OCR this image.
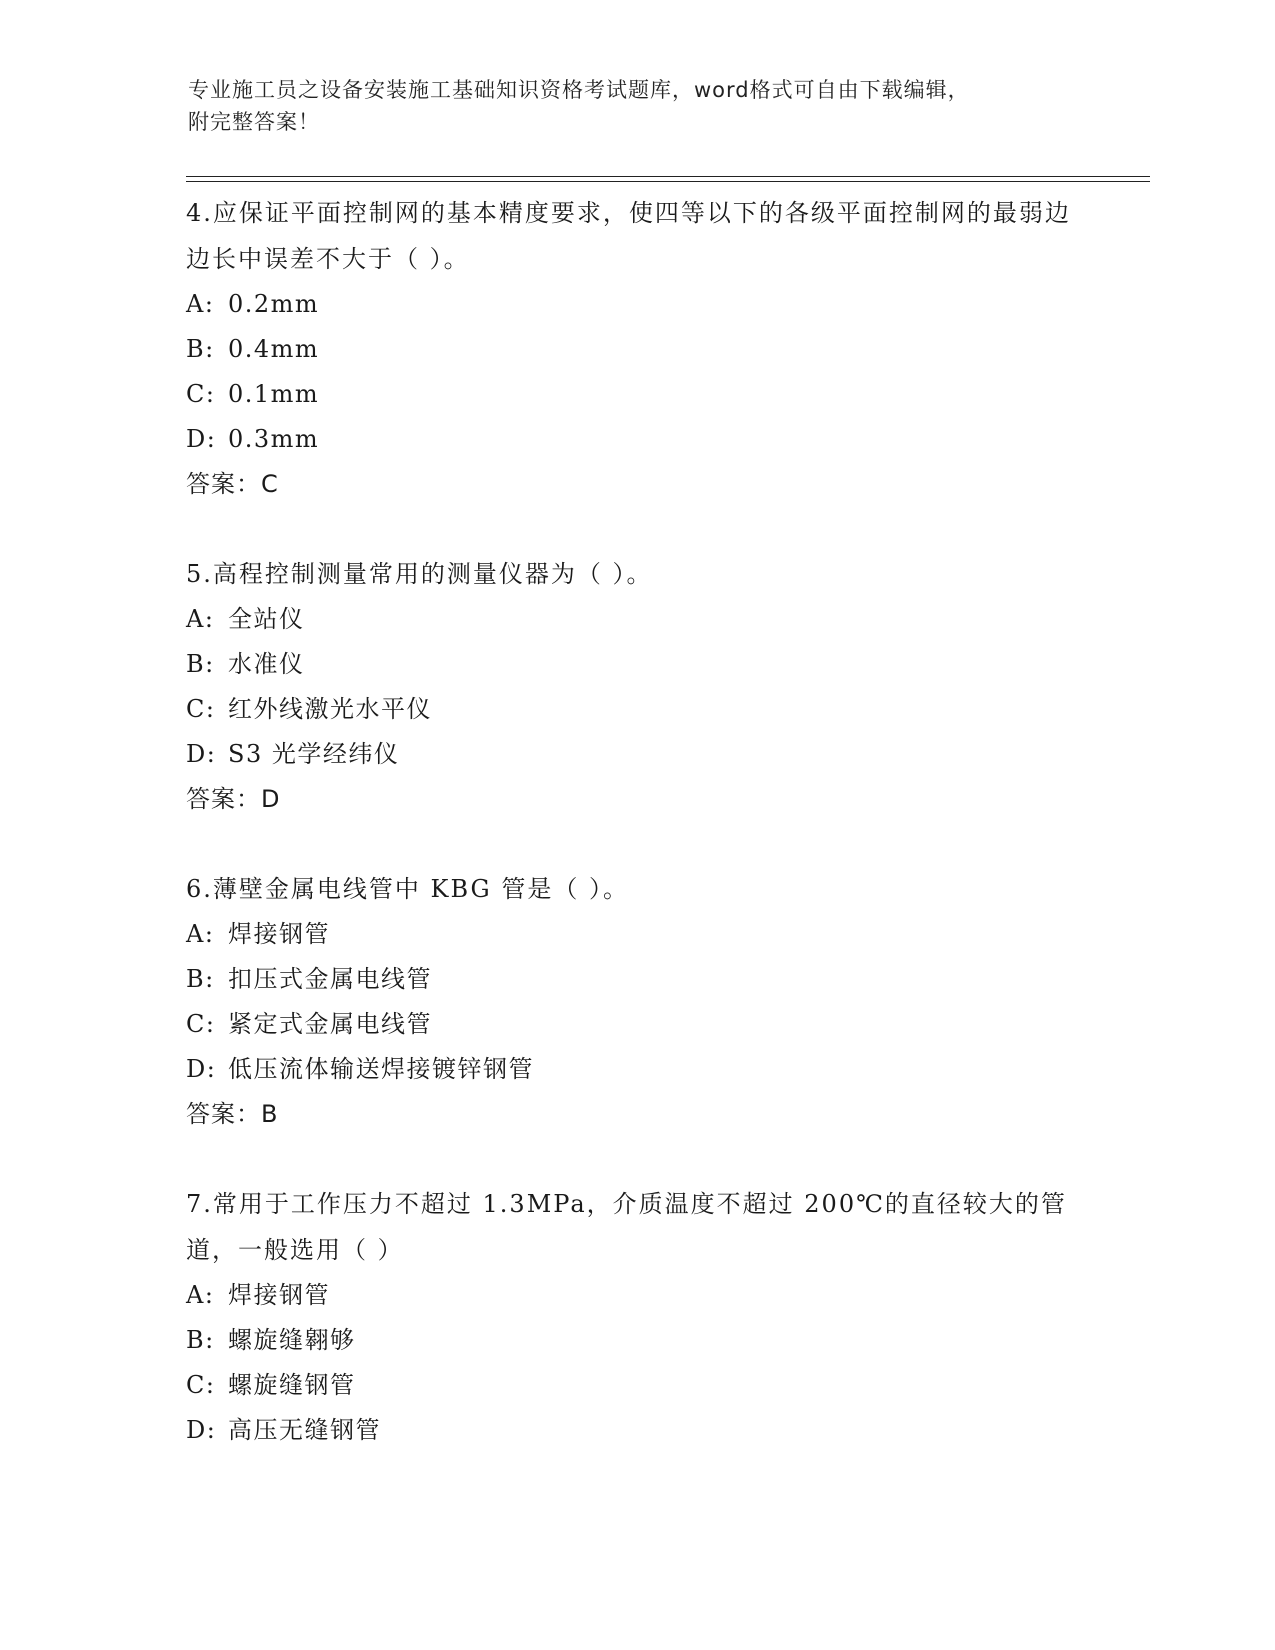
专业施工员之设备安装施工基础知识资格考试题库，word格式可自由下载编辑，
附完整答案！

4.应保证平面控制网的基本精度要求，使四等以下的各级平面控制网的最弱边边长中误差不大于（ ）。

A: 0.2mm

B: 0.4mm

C: 0.1mm

D: 0.3mm

答案：C

5.高程控制测量常用的测量仪器为（ ）。

A: 全站仪

B: 水准仪

C: 红外线激光水平仪

D: S3 光学经纬仪

答案：D

6.薄壁金属电线管中 KBG 管是（ ）。

A: 焊接钢管

B: 扣压式金属电线管

C: 紧定式金属电线管

D: 低压流体输送焊接镀锌钢管

答案：B

7.常用于工作压力不超过 1.3MPa，介质温度不超过 200℃的直径较大的管道，一般选用（ ）

A: 焊接钢管

B: 螺旋缝翱够

C: 螺旋缝钢管

D: 高压无缝钢管
